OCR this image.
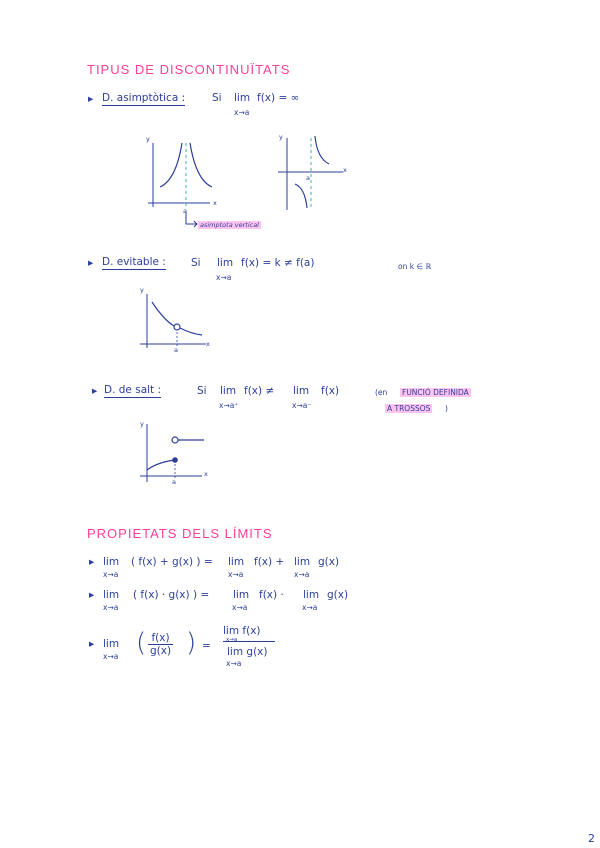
TIPUS DE DISCONTINUÏTATS
▸ D. asimptòtica :	Si lim
x→a
f(x) = ∞
y
x
a
y
x
a
asimptota vertical
▸ D. evitable : Si lim
x→a
f(x) = k ≠ f(a)	on k ∈ ℝ
y
x
a
▸ D. de salt :	Si lim
x→a⁺
f(x) ≠ lim
x→a⁻
f(x)	(en FUNCIÓ DEFINIDA
A TROSSOS )
y
x
a
PROPIETATS DELS LÍMITS
▸ lim
x→a
( f(x) + g(x) ) = lim
x→a
f(x) + lim
x→a
g(x)
▸ lim
x→a
( f(x) · g(x) ) = lim
x→a
f(x) · lim
x→a
g(x)
▸ lim
x→a ( $\frac{f(x)}{g(x)}$ ) =
lim f(x)
x→a
lim g(x)
x→a
2
